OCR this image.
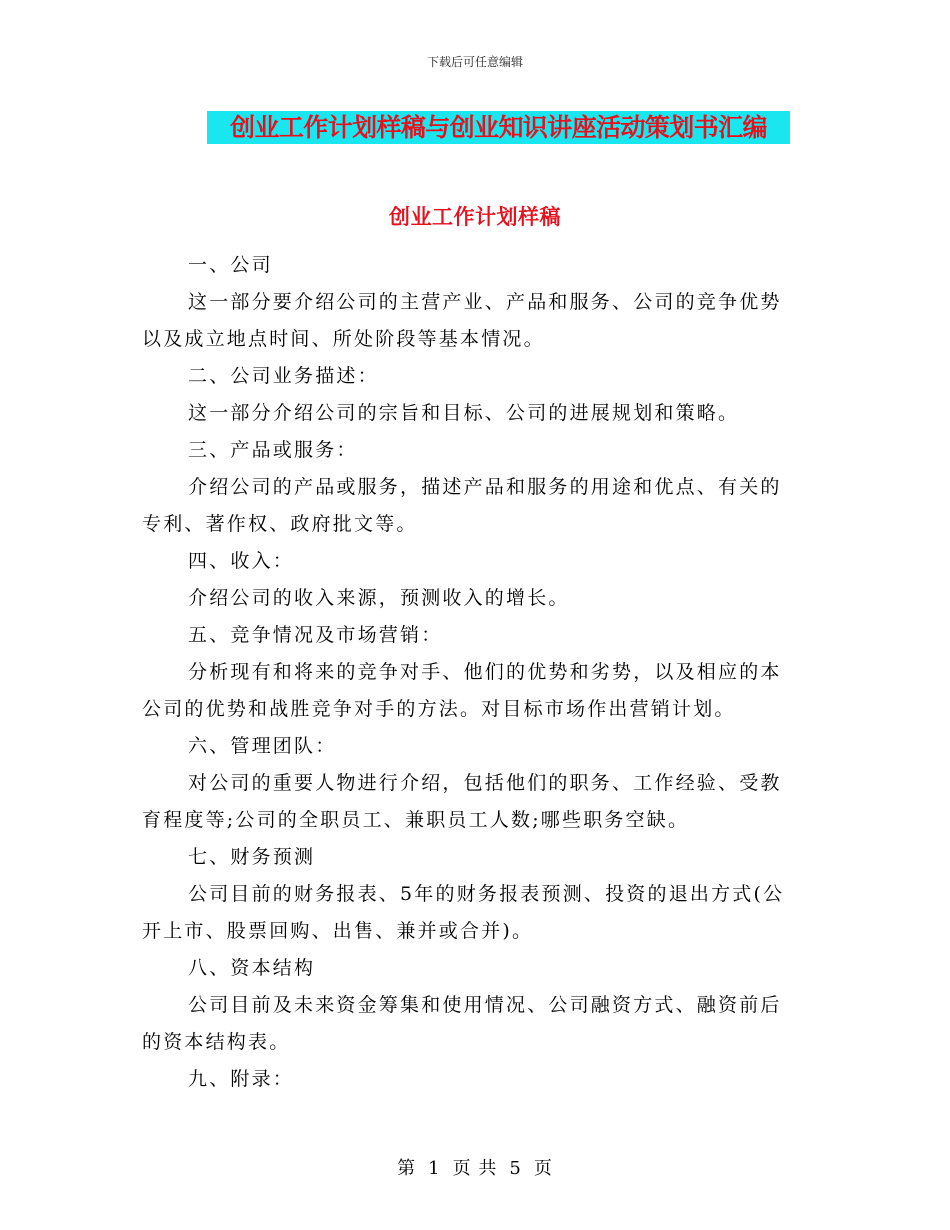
下载后可任意编辑
创业工作计划样稿与创业知识讲座活动策划书汇编
创业工作计划样稿

一、公司

这一部分要介绍公司的主营产业、产品和服务、公司的竞争优势以及成立地点时间、所处阶段等基本情况。

二、公司业务描述：

这一部分介绍公司的宗旨和目标、公司的进展规划和策略。

三、产品或服务：

介绍公司的产品或服务，描述产品和服务的用途和优点、有关的专利、著作权、政府批文等。

四、收入：

介绍公司的收入来源，预测收入的增长。

五、竞争情况及市场营销：

分析现有和将来的竞争对手、他们的优势和劣势，以及相应的本公司的优势和战胜竞争对手的方法。对目标市场作出营销计划。

六、管理团队：

对公司的重要人物进行介绍，包括他们的职务、工作经验、受教育程度等;公司的全职员工、兼职员工人数;哪些职务空缺。

七、财务预测

公司目前的财务报表、5年的财务报表预测、投资的退出方式(公开上市、股票回购、出售、兼并或合并)。

八、资本结构

公司目前及未来资金筹集和使用情况、公司融资方式、融资前后的资本结构表。

九、附录：

第 1 页 共 5 页
